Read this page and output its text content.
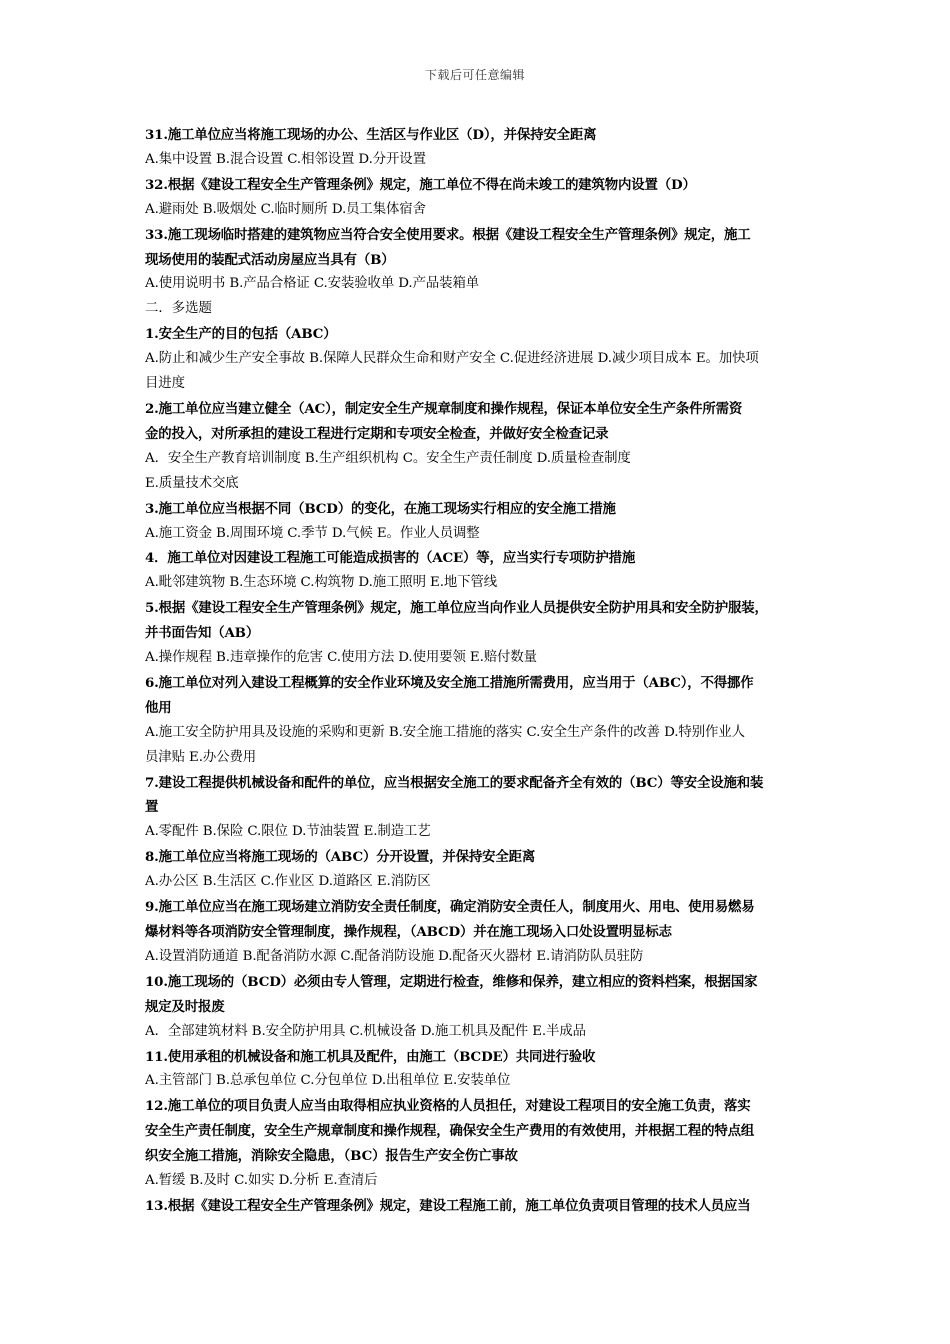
下载后可任意编辑
31.施工单位应当将施工现场的办公、生活区与作业区（D），并保持安全距离
A.集中设置 B.混合设置 C.相邻设置 D.分开设置
32.根据《建设工程安全生产管理条例》规定，施工单位不得在尚未竣工的建筑物内设置（D）
A.避雨处 B.吸烟处 C.临时厕所 D.员工集体宿舍
33.施工现场临时搭建的建筑物应当符合安全使用要求。根据《建设工程安全生产管理条例》规定，施工
现场使用的装配式活动房屋应当具有（B）
A.使用说明书 B.产品合格证 C.安装验收单 D.产品装箱单
二．多选题
1.安全生产的目的包括（ABC）
A.防止和减少生产安全事故 B.保障人民群众生命和财产安全 C.促进经济进展 D.减少项目成本 E。加快项
目进度
2.施工单位应当建立健全（AC），制定安全生产规章制度和操作规程，保证本单位安全生产条件所需资
金的投入，对所承担的建设工程进行定期和专项安全检查，并做好安全检查记录
A．安全生产教育培训制度 B.生产组织机构 C。安全生产责任制度 D.质量检查制度
E.质量技术交底
3.施工单位应当根据不同（BCD）的变化，在施工现场实行相应的安全施工措施
A.施工资金 B.周围环境 C.季节 D.气候 E。作业人员调整
4．施工单位对因建设工程施工可能造成损害的（ACE）等，应当实行专项防护措施
A.毗邻建筑物 B.生态环境 C.构筑物 D.施工照明 E.地下管线
5.根据《建设工程安全生产管理条例》规定，施工单位应当向作业人员提供安全防护用具和安全防护服装，
并书面告知（AB）
A.操作规程 B.违章操作的危害 C.使用方法 D.使用要领 E.赔付数量
6.施工单位对列入建设工程概算的安全作业环境及安全施工措施所需费用，应当用于（ABC），不得挪作
他用
A.施工安全防护用具及设施的采购和更新 B.安全施工措施的落实 C.安全生产条件的改善 D.特别作业人
员津贴 E.办公费用
7.建设工程提供机械设备和配件的单位，应当根据安全施工的要求配备齐全有效的（BC）等安全设施和装
置
A.零配件 B.保险 C.限位 D.节油装置 E.制造工艺
8.施工单位应当将施工现场的（ABC）分开设置，并保持安全距离
A.办公区 B.生活区 C.作业区 D.道路区 E.消防区
9.施工单位应当在施工现场建立消防安全责任制度，确定消防安全责任人，制度用火、用电、使用易燃易
爆材料等各项消防安全管理制度，操作规程，（ABCD）并在施工现场入口处设置明显标志
A.设置消防通道 B.配备消防水源 C.配备消防设施 D.配备灭火器材 E.请消防队员驻防
10.施工现场的（BCD）必须由专人管理，定期进行检查，维修和保养，建立相应的资料档案，根据国家
规定及时报废
A．全部建筑材料 B.安全防护用具 C.机械设备 D.施工机具及配件 E.半成品
11.使用承租的机械设备和施工机具及配件，由施工（BCDE）共同进行验收
A.主管部门 B.总承包单位 C.分包单位 D.出租单位 E.安装单位
12.施工单位的项目负责人应当由取得相应执业资格的人员担任，对建设工程项目的安全施工负责，落实
安全生产责任制度，安全生产规章制度和操作规程，确保安全生产费用的有效使用，并根据工程的特点组
织安全施工措施，消除安全隐患，（BC）报告生产安全伤亡事故
A.暂缓 B.及时 C.如实 D.分析 E.查清后
13.根据《建设工程安全生产管理条例》规定，建设工程施工前，施工单位负责项目管理的技术人员应当
